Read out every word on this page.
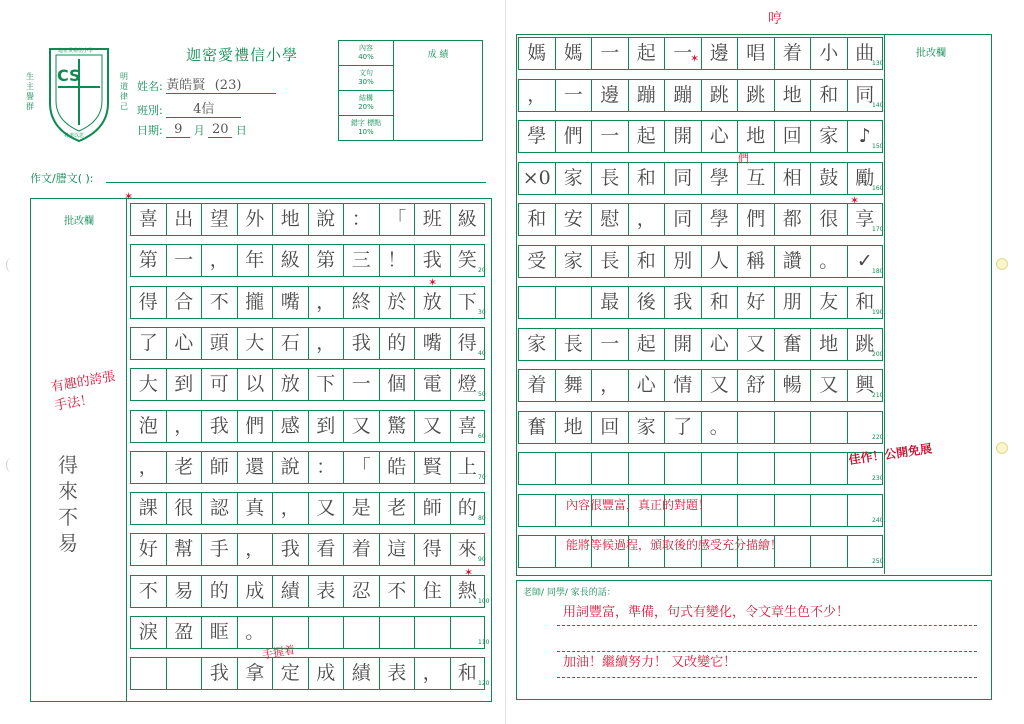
CS
迦密愛禮信小學
尋道以思
生主譽群
明道律己
迦密愛禮信小學
姓名: 黃皓賢 (23)
班別: 4信
日期: 9 月 20 日
內容
40%	成 績
文句
30%
結構
20%
錯字 標點
10%
作文/謄文( ):
批改欄	喜 出 望 外 地 說 ： 「 班 級
第 一 ， 年 級 第 三 ！ 我 笑 20
得 合 不 攏 嘴 ， 終 於 放 下 30
了 心 頭 大 石 ， 我 的 嘴 得 40
大 到 可 以 放 下 一 個 電 燈 50
泡 ， 我 們 感 到 又 驚 又 喜 60
， 老 師 還 說 ： 「 皓 賢 上 70
課 很 認 真 ， 又 是 老 師 的 80
好 幫 手 ， 我 看 着 這 得 來 90
不 易 的 成 績 表 忍 不 住 熱 100
淚 盈 眶 。	110
我 拿 定 成 績 表 ， 和 120
批改欄
媽 媽 一 起 一 邊 唱 着 小 曲
130
， 一 邊 蹦 蹦 跳 跳 地 和 同
140
學 們 一 起 開 心 地 回 家	♪ 150
×0 家 長 和 同 學 互 相 鼓 勵
160
和 安 慰 ， 同 學 們 都 很 享
170
受 家 長 和 別 人 稱 讚 。 ✓ 180
最 後 我 和 好 朋 友 和
190
家 長 一 起 開 心 又 奮 地 跳
200
着 舞 ， 心 情 又 舒 暢 又 興
210
奮 地 回 家 了 。	220
230
240
250
有趣的誇張手法！
得來不易
佳作！公開免展
內容很豐富，真正的對題！
能將等候過程，頒取後的感受充分描繪！
哼
手握着
們
✶
✶
✶
✶
✶
老師/ 同學/ 家長的話：
用詞豐富，準備，句式有變化，令文章生色不少！
加油！繼續努力！ 又改變它！
